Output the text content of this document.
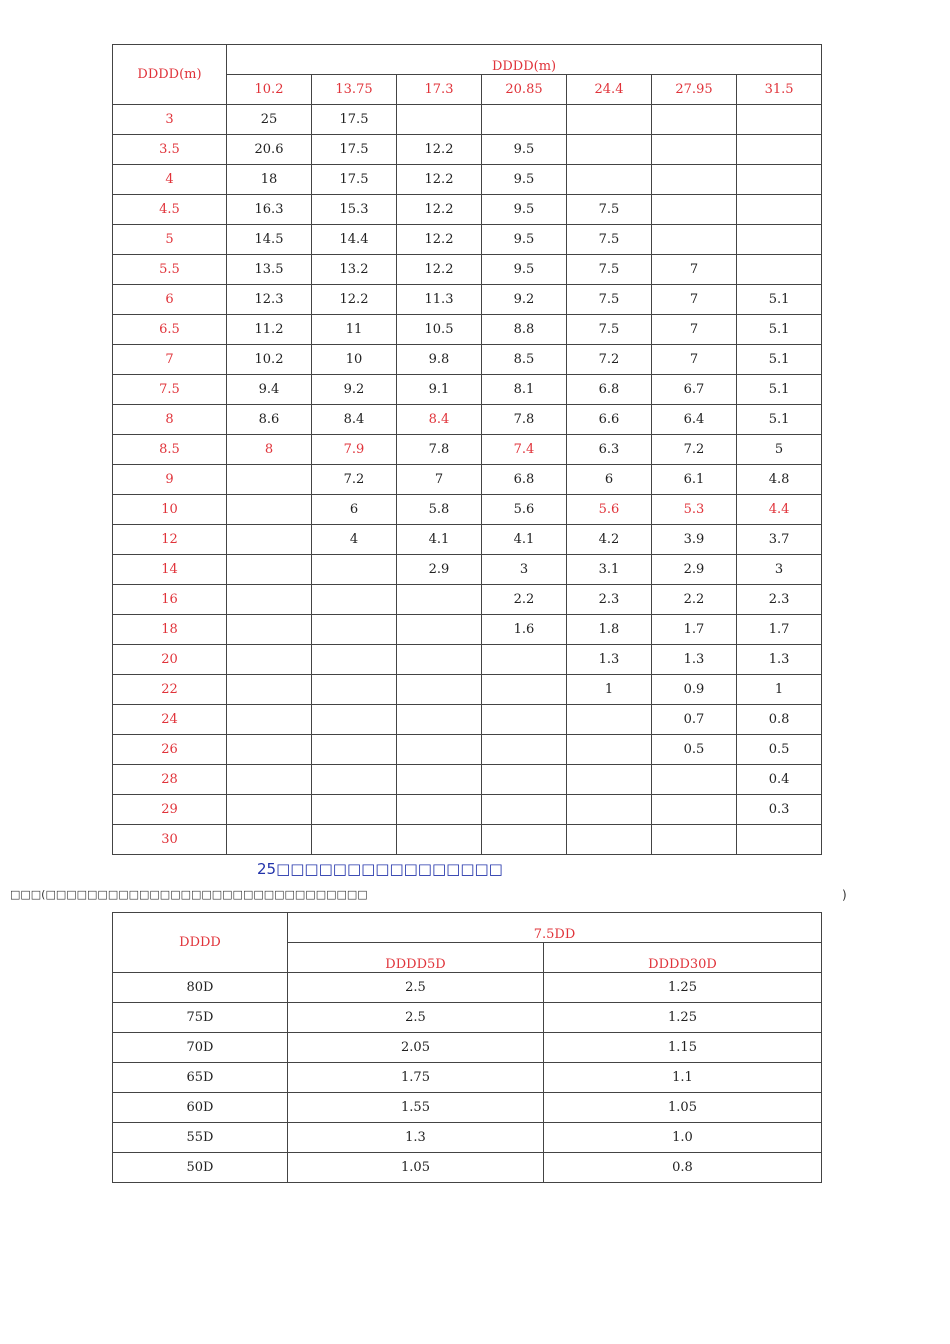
DDDD(m)	DDDD(m)						
	10.2	13.75	17.3	20.85	24.4	27.95	31.5
3	25	17.5					
3.5	20.6	17.5	12.2	9.5			
4	18	17.5	12.2	9.5			
4.5	16.3	15.3	12.2	9.5	7.5		
5	14.5	14.4	12.2	9.5	7.5		
5.5	13.5	13.2	12.2	9.5	7.5	7	
6	12.3	12.2	11.3	9.2	7.5	7	5.1
6.5	11.2	11	10.5	8.8	7.5	7	5.1
7	10.2	10	9.8	8.5	7.2	7	5.1
7.5	9.4	9.2	9.1	8.1	6.8	6.7	5.1
8	8.6	8.4	8.4	7.8	6.6	6.4	5.1
8.5	8	7.9	7.8	7.4	6.3	7.2	5
9		7.2	7	6.8	6	6.1	4.8
10		6	5.8	5.6	5.6	5.3	4.4
12		4	4.1	4.1	4.2	3.9	3.7
14			2.9	3	3.1	2.9	3
16				2.2	2.3	2.2	2.3
18				1.6	1.8	1.7	1.7
20					1.3	1.3	1.3
22					1	0.9	1
24						0.7	0.8
26						0.5	0.5
28							0.4
29							0.3
30							
25□□□□□□□□□□□□□□□□
□□□(□□□□□□□□□□□□□□□□□□□□□□□□□□□□□□□	)
DDDD	7.5DD	
	DDDD5D	DDDD30D
80D	2.5	1.25
75D	2.5	1.25
70D	2.05	1.15
65D	1.75	1.1
60D	1.55	1.05
55D	1.3	1.0
50D	1.05	0.8
